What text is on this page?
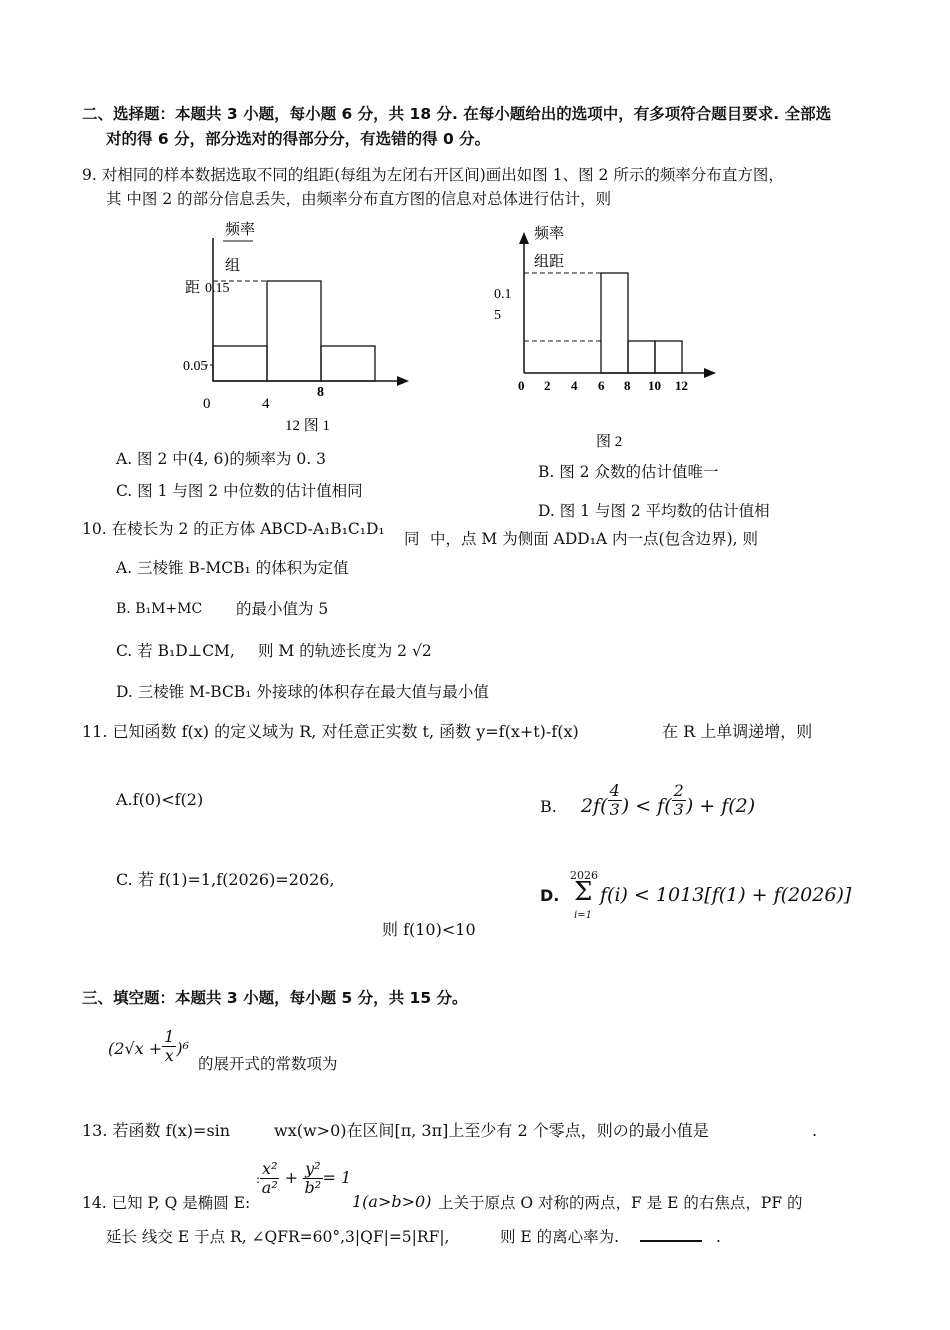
二、选择题：本题共 3 小题，每小题 6 分，共 18 分. 在每小题给出的选项中，有多项符合题目要求. 全部选
对的得 6 分，部分选对的得部分分，有选错的得 0 分。
9. 对相同的样本数据选取不同的组距(每组为左闭右开区间)画出如图 1、图 2 所示的频率分布直方图，
其 中图 2 的部分信息丢失，由频率分布直方图的信息对总体进行估计，则
频率
组
距 0.15
0.05
8
0	4
12 图 1
频率
组距
0.1
5
0 2 4 6 8 10 12
图 2
A. 图 2 中(4, 6)的频率为 0. 3
B. 图 2 众数的估计值唯一
C. 图 1 与图 2 中位数的估计值相同
D. 图 1 与图 2 平均数的估计值相
10. 在棱长为 2 的正方体 ABCD-A₁B₁C₁D₁
同 中，点 M 为侧面 ADD₁A 内一点(包含边界), 则
A. 三棱锥 B-MCB₁ 的体积为定值
B. B₁M+MC 的最小值为 5
C. 若 B₁D⊥CM, 则 M 的轨迹长度为 2 √2
D. 三棱锥 M-BCB₁ 外接球的体积存在最大值与最小值
11. 已知函数 f(x) 的定义域为 R, 对任意正实数 t, 函数 y=f(x+t)-f(x)	在 R 上单调递增，则
A.f(0)<f(2)	B. $2f( \frac{4}{3}$ ) < $f( \frac{2}{3}$ ) + f(2)
C. 若 f(1)=1,f(2026)=2026,
D.
2026
Σ
i=1
f(i) < 1013[f(1) + f(2026)]
则 f(10)<10
三、填空题：本题共 3 小题，每小题 5 分，共 15 分。
$(2√x + \frac{1}{x} )^6$
的展开式的常数项为
13. 若函数 f(x)=sin	wx(w>0)在区间[π, 3π]上至少有 2 个零点，则の的最小值是	.
: $\frac{\text{x²}}{\text{a²}} + \frac{\text{y²}}{\text{b²}} = 1$
1(a>b>0)
14. 已知 P, Q 是椭圆 E:	上关于原点 O 对称的两点，F 是 E 的右焦点，PF 的
延长 线交 E 于点 R, ∠QFR=60°,3|QF|=5|RF|,	则 E 的离心率为.	.
